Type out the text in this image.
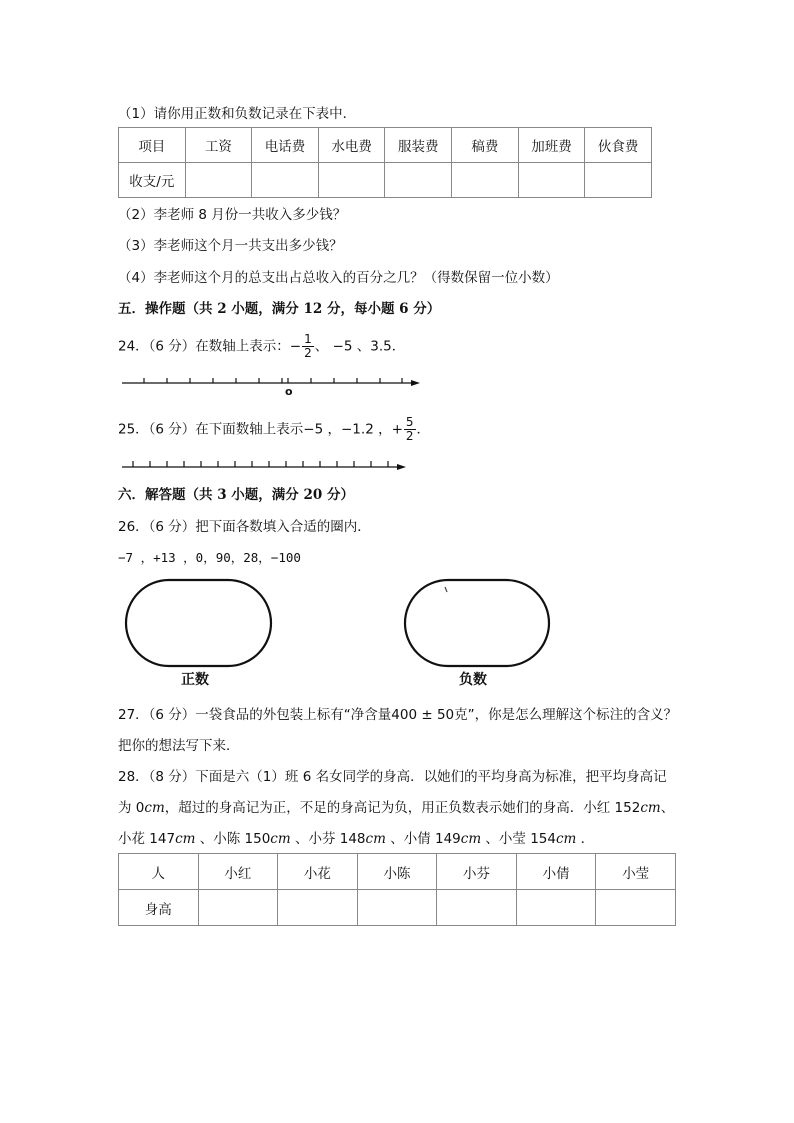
（1）请你用正数和负数记录在下表中．
项目	工资	电话费	水电费	服装费	稿费	加班费	伙食费
收支/元							
（2）李老师 8 月份一共收入多少钱？
（3）李老师这个月一共支出多少钱？
（4）李老师这个月的总支出占总收入的百分之几？（得数保留一位小数）
五．操作题（共 2 小题，满分 12 分，每小题 6 分）
24．（6 分）在数轴上表示：− $\frac{1}{2}$ 、 −5 、3.5．
o
25．（6 分）在下面数轴上表示−5 ，−1.2 ，+ $\frac{5}{2}$ ．
六．解答题（共 3 小题，满分 20 分）
26．（6 分）把下面各数填入合适的圈内．
−7 ，+13 ，0，90，28，−100
正数	负数
27．（6 分）一袋食品的外包装上标有“净含量400 ± 50克”，你是怎么理解这个标注的含义？
把你的想法写下来．
28．（8 分）下面是六（1）班 6 名女同学的身高．以她们的平均身高为标准，把平均身高记
为 0cm，超过的身高记为正，不足的身高记为负，用正负数表示她们的身高．小红 152cm、
小花 147cm 、小陈 150cm 、小芬 148cm 、小倩 149cm 、小莹 154cm ．
人	小红	小花	小陈	小芬	小倩	小莹
身高						
